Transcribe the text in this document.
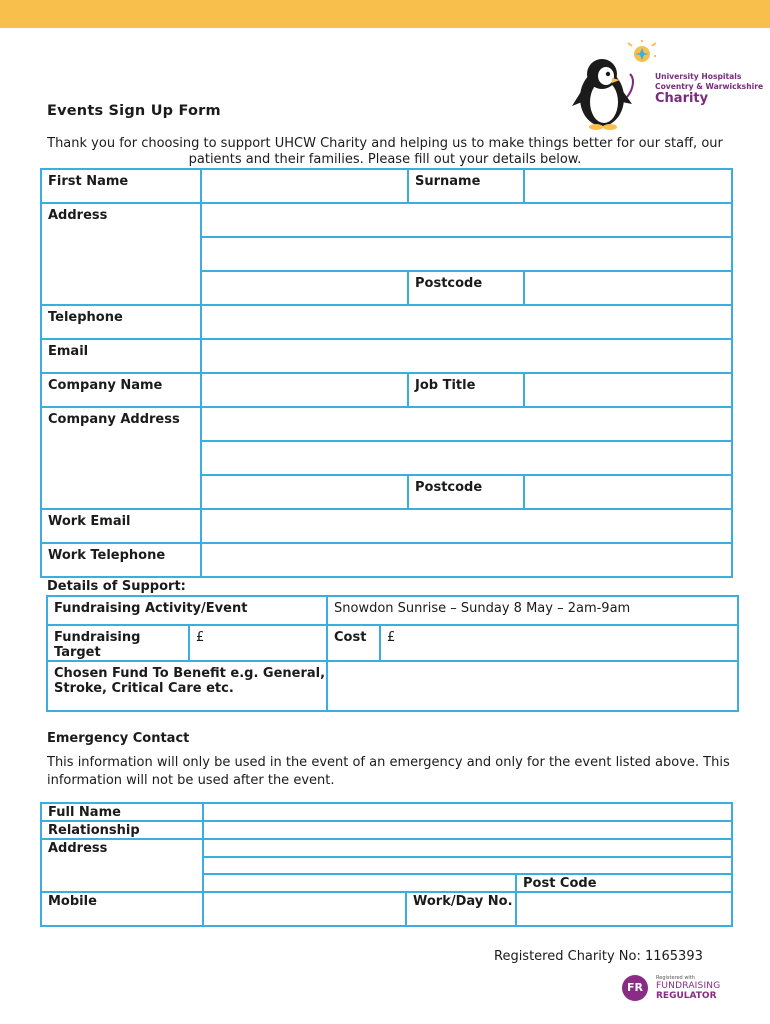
University Hospitals
Coventry & Warwickshire
Charity
Events Sign Up Form
Thank you for choosing to support UHCW Charity and helping us to make things better for our staff, our patients and their families. Please fill out your details below.
First Name		Surname	
Address			

		Postcode	
Telephone			
Email			
Company Name		Job Title	
Company Address			

		Postcode	
Work Email			
Work Telephone			
Details of Support:
Fundraising Activity/Event		Snowdon Sunrise – Sunday 8 May – 2am-9am	
Fundraising Target	£	Cost	£
Chosen Fund To Benefit e.g. General, Stroke, Critical Care etc.			
Emergency Contact
This information will only be used in the event of an emergency and only for the event listed above. This information will not be used after the event.
Full Name			
Relationship			
Address			

			Post Code
Mobile		Work/Day No.	
Registered Charity No: 1165393
FR
Registered with
FUNDRAISING
REGULATOR
